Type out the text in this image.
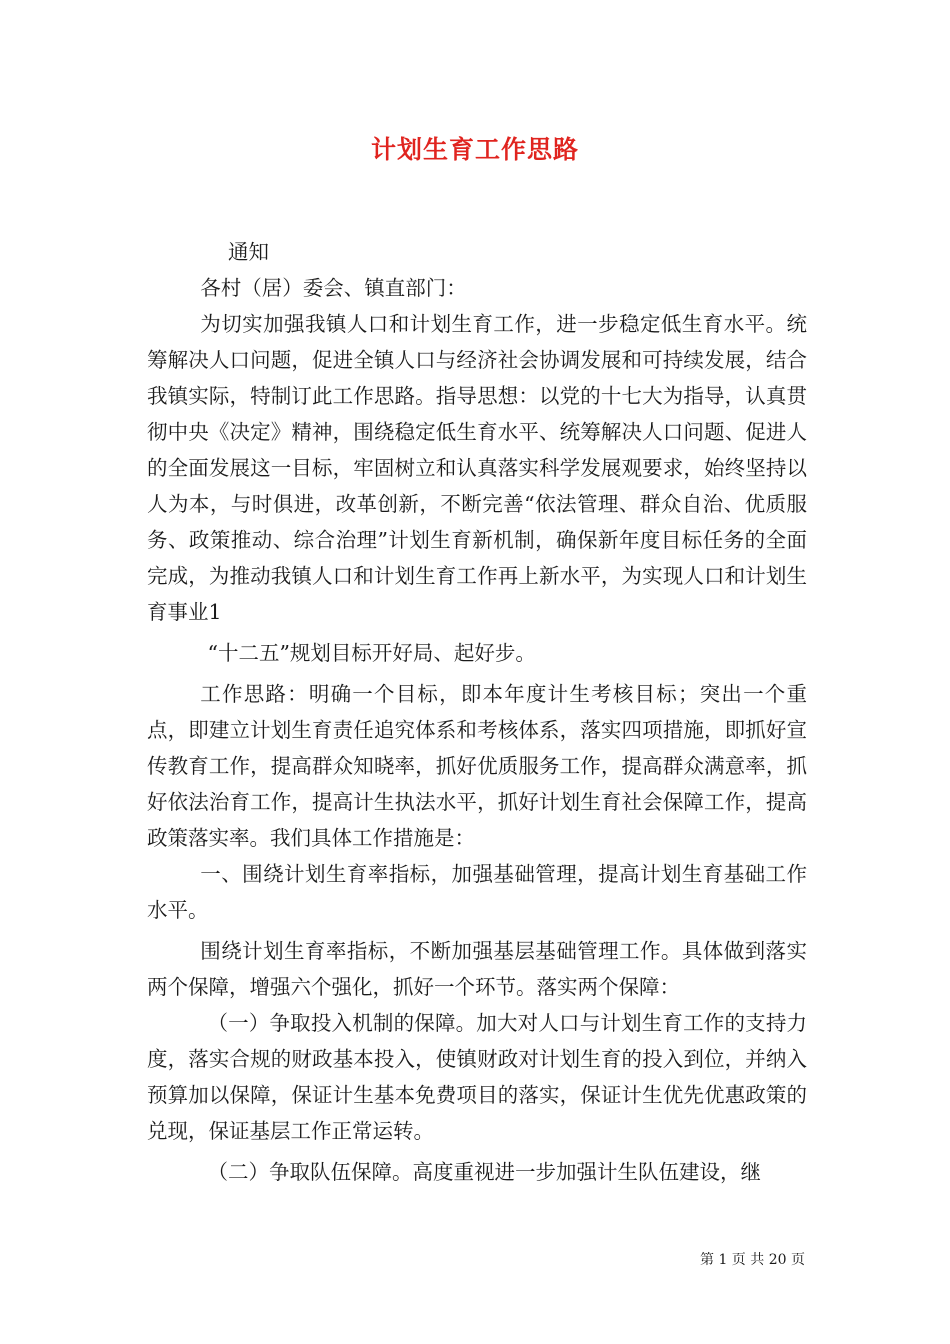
计划生育工作思路

通知

各村（居）委会、镇直部门：

为切实加强我镇人口和计划生育工作，进一步稳定低生育水平。统筹解决人口问题，促进全镇人口与经济社会协调发展和可持续发展，结合我镇实际，特制订此工作思路。指导思想：以党的十七大为指导，认真贯彻中央《决定》精神，围绕稳定低生育水平、统筹解决人口问题、促进人的全面发展这一目标，牢固树立和认真落实科学发展观要求，始终坚持以人为本，与时俱进，改革创新，不断完善“依法管理、群众自治、优质服务、政策推动、综合治理”计划生育新机制，确保新年度目标任务的全面完成，为推动我镇人口和计划生育工作再上新水平，为实现人口和计划生育事业1

“十二五”规划目标开好局、起好步。

工作思路：明确一个目标，即本年度计生考核目标；突出一个重点，即建立计划生育责任追究体系和考核体系，落实四项措施，即抓好宣传教育工作，提高群众知晓率，抓好优质服务工作，提高群众满意率，抓好依法治育工作，提高计生执法水平，抓好计划生育社会保障工作，提高政策落实率。我们具体工作措施是：

一、围绕计划生育率指标，加强基础管理，提高计划生育基础工作水平。

围绕计划生育率指标，不断加强基层基础管理工作。具体做到落实两个保障，增强六个强化，抓好一个环节。落实两个保障：

（一）争取投入机制的保障。加大对人口与计划生育工作的支持力度，落实合规的财政基本投入，使镇财政对计划生育的投入到位，并纳入预算加以保障，保证计生基本免费项目的落实，保证计生优先优惠政策的兑现，保证基层工作正常运转。

（二）争取队伍保障。高度重视进一步加强计生队伍建设，继

第 1 页 共 20 页
